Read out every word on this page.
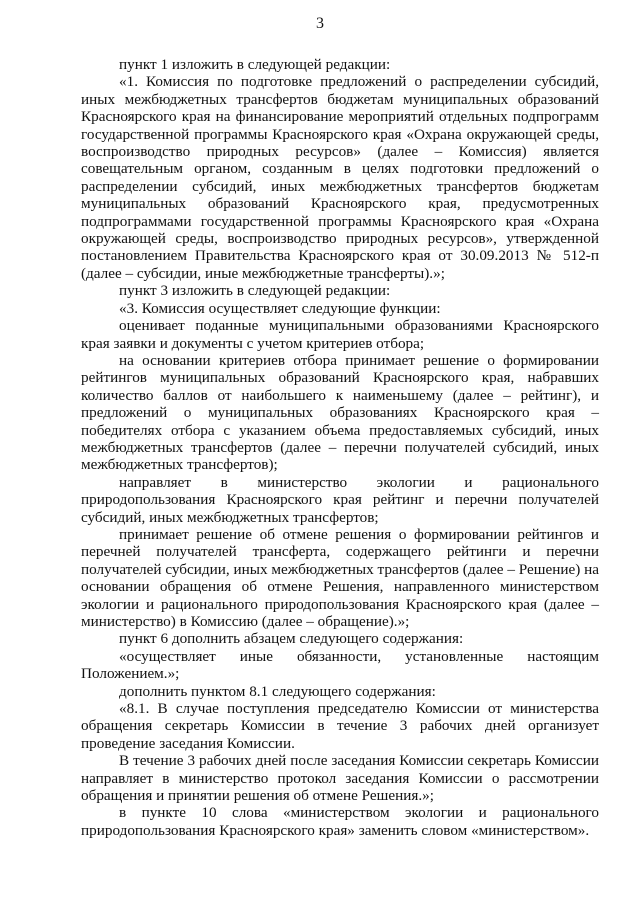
3

пункт 1 изложить в следующей редакции:

«1. Комиссия по подготовке предложений о распределении субсидий, иных межбюджетных трансфертов бюджетам муниципальных образований Красноярского края на финансирование мероприятий отдельных подпрограмм государственной программы Красноярского края «Охрана окружающей среды, воспроизводство природных ресурсов» (далее – Комиссия) является совещательным органом, созданным в целях подготовки предложений о распределении субсидий, иных межбюджетных трансфертов бюджетам муниципальных образований Красноярского края, предусмотренных подпрограммами государственной программы Красноярского края «Охрана окружающей среды, воспроизводство природных ресурсов», утвержденной постановлением Правительства Красноярского края от 30.09.2013 № 512-п (далее – субсидии, иные межбюджетные трансферты).»;

пункт 3 изложить в следующей редакции:

«3. Комиссия осуществляет следующие функции:

оценивает поданные муниципальными образованиями Красноярского края заявки и документы с учетом критериев отбора;

на основании критериев отбора принимает решение о формировании рейтингов муниципальных образований Красноярского края, набравших количество баллов от наибольшего к наименьшему (далее – рейтинг), и предложений о муниципальных образованиях Красноярского края – победителях отбора с указанием объема предоставляемых субсидий, иных межбюджетных трансфертов (далее – перечни получателей субсидий, иных межбюджетных трансфертов);

направляет в министерство экологии и рационального природопользования Красноярского края рейтинг и перечни получателей субсидий, иных межбюджетных трансфертов;

принимает решение об отмене решения о формировании рейтингов и перечней получателей трансферта, содержащего рейтинги и перечни получателей субсидии, иных межбюджетных трансфертов (далее – Решение) на основании обращения об отмене Решения, направленного министерством экологии и рационального природопользования Красноярского края (далее – министерство) в Комиссию (далее – обращение).»;

пункт 6 дополнить абзацем следующего содержания:

«осуществляет иные обязанности, установленные настоящим Положением.»;

дополнить пунктом 8.1 следующего содержания:

«8.1. В случае поступления председателю Комиссии от министерства обращения секретарь Комиссии в течение 3 рабочих дней организует проведение заседания Комиссии.

В течение 3 рабочих дней после заседания Комиссии секретарь Комиссии направляет в министерство протокол заседания Комиссии о рассмотрении обращения и принятии решения об отмене Решения.»;

в пункте 10 слова «министерством экологии и рационального природопользования Красноярского края» заменить словом «министерством».
